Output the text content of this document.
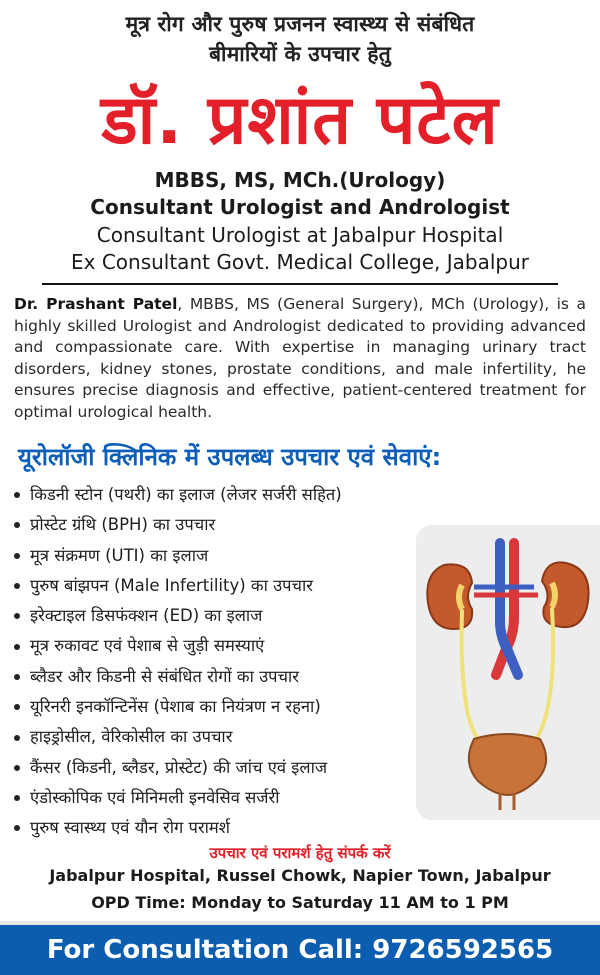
मूत्र रोग और पुरुष प्रजनन स्वास्थ्य से संबंधित
बीमारियों के उपचार हेतु
डॉ. प्रशांत पटेल
MBBS, MS, MCh.(Urology)
Consultant Urologist and Andrologist
Consultant Urologist at Jabalpur Hospital
Ex Consultant Govt. Medical College, Jabalpur
Dr. Prashant Patel, MBBS, MS (General Surgery), MCh (Urology), is a highly skilled Urologist and Andrologist dedicated to providing advanced and compassionate care. With expertise in managing urinary tract disorders, kidney stones, prostate conditions, and male infertility, he ensures precise diagnosis and effective, patient-centered treatment for optimal urological health.
यूरोलॉजी क्लिनिक में उपलब्ध उपचार एवं सेवाएं:
किडनी स्टोन (पथरी) का इलाज (लेजर सर्जरी सहित)
प्रोस्टेट ग्रंथि (BPH) का उपचार
मूत्र संक्रमण (UTI) का इलाज
पुरुष बांझपन (Male Infertility) का उपचार
इरेक्टाइल डिसफंक्शन (ED) का इलाज
मूत्र रुकावट एवं पेशाब से जुड़ी समस्याएं
ब्लैडर और किडनी से संबंधित रोगों का उपचार
यूरिनरी इनकॉन्टिनेंस (पेशाब का नियंत्रण न रहना)
हाइड्रोसील, वेरिकोसील का उपचार
कैंसर (किडनी, ब्लैडर, प्रोस्टेट) की जांच एवं इलाज
एंडोस्कोपिक एवं मिनिमली इनवेसिव सर्जरी
पुरुष स्वास्थ्य एवं यौन रोग परामर्श
उपचार एवं परामर्श हेतु संपर्क करें
Jabalpur Hospital, Russel Chowk, Napier Town, Jabalpur
OPD Time: Monday to Saturday 11 AM to 1 PM
For Consultation Call: 9726592565
